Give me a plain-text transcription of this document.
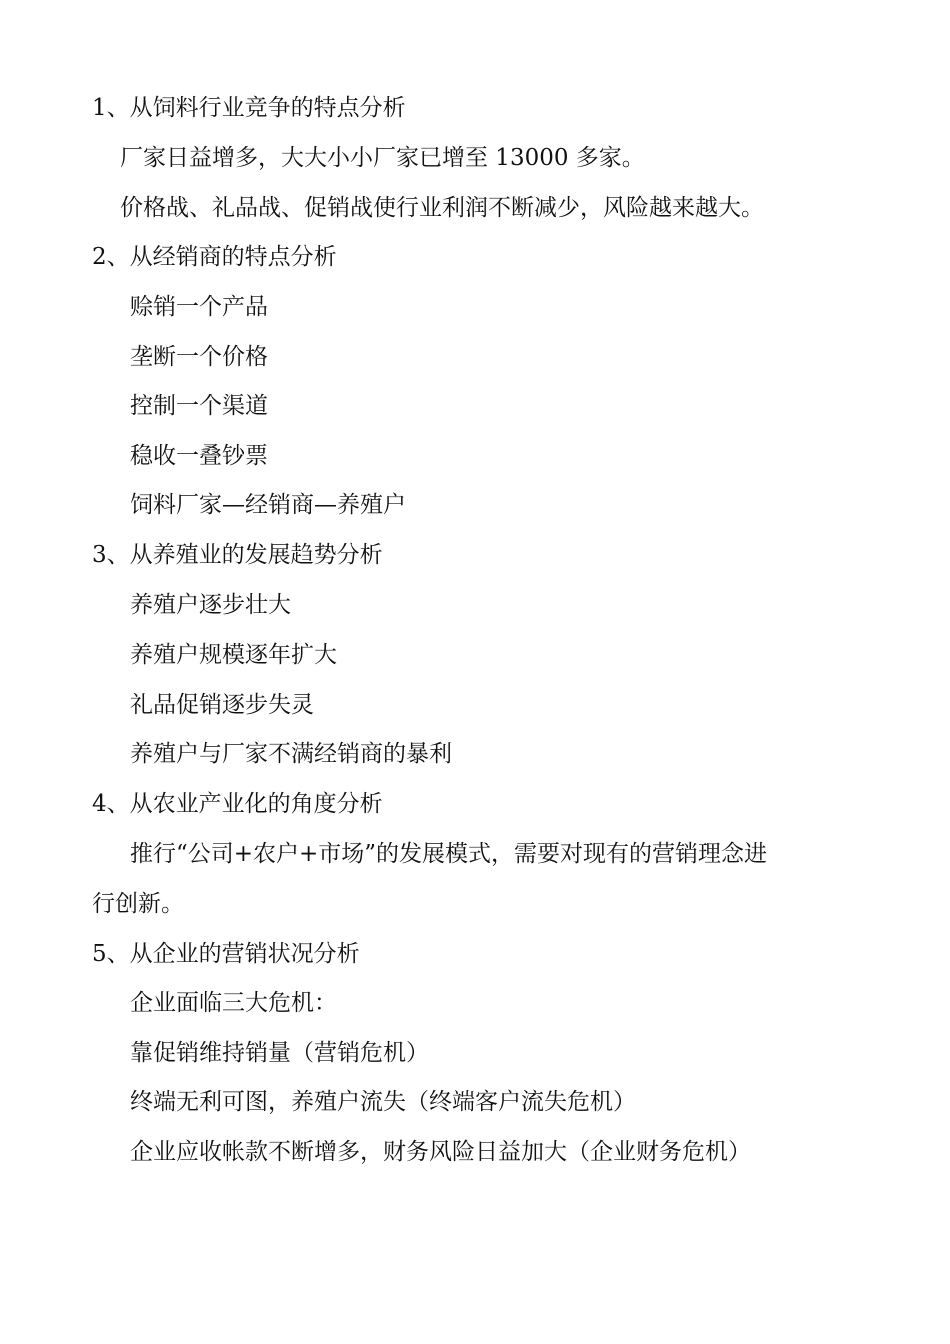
1、从饲料行业竞争的特点分析

厂家日益增多，大大小小厂家已增至 13000 多家。

价格战、礼品战、促销战使行业利润不断减少，风险越来越大。

2、从经销商的特点分析

赊销一个产品

垄断一个价格

控制一个渠道

稳收一叠钞票

饲料厂家—经销商—养殖户

3、从养殖业的发展趋势分析

养殖户逐步壮大

养殖户规模逐年扩大

礼品促销逐步失灵

养殖户与厂家不满经销商的暴利

4、从农业产业化的角度分析

推行“公司+农户+市场”的发展模式，需要对现有的营销理念进

行创新。

5、从企业的营销状况分析

企业面临三大危机：

靠促销维持销量（营销危机）

终端无利可图，养殖户流失（终端客户流失危机）

企业应收帐款不断增多，财务风险日益加大（企业财务危机）
